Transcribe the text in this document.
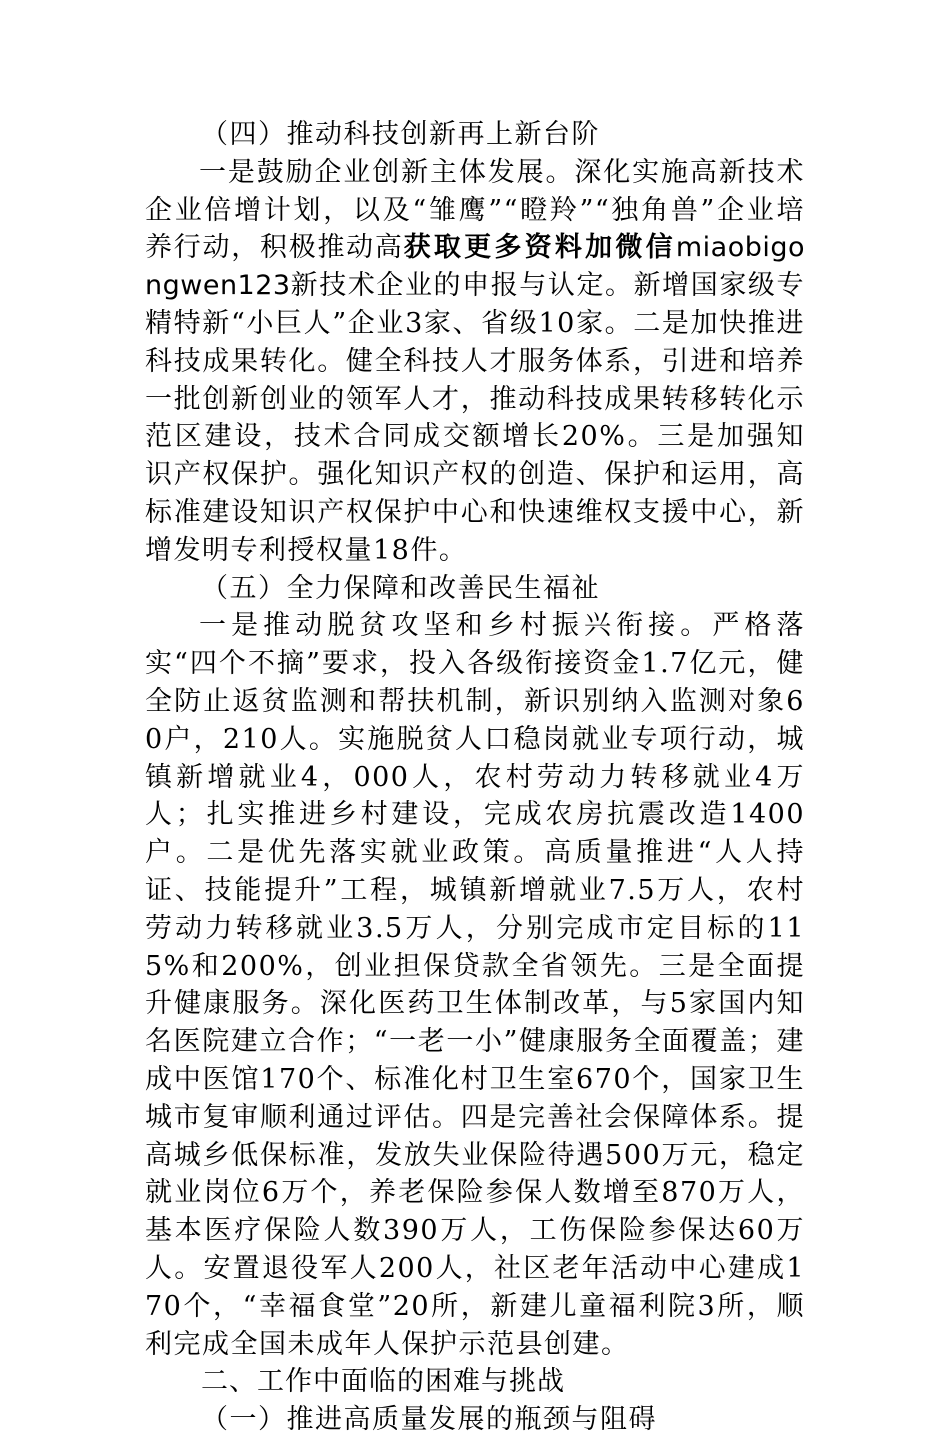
（四）推动科技创新再上新台阶

一是鼓励企业创新主体发展。深化实施高新技术企业倍增计划，以及“雏鹰”“瞪羚”“独角兽”企业培养行动，积极推动高获取更多资料加微信miaobigongwen123新技术企业的申报与认定。新增国家级专精特新“小巨人”企业3家、省级10家。二是加快推进科技成果转化。健全科技人才服务体系，引进和培养一批创新创业的领军人才，推动科技成果转移转化示范区建设，技术合同成交额增长20%。三是加强知识产权保护。强化知识产权的创造、保护和运用，高标准建设知识产权保护中心和快速维权支援中心，新增发明专利授权量18件。

（五）全力保障和改善民生福祉

一是推动脱贫攻坚和乡村振兴衔接。严格落实“四个不摘”要求，投入各级衔接资金1.7亿元，健全防止返贫监测和帮扶机制，新识别纳入监测对象60户，210人。实施脱贫人口稳岗就业专项行动，城镇新增就业4，000人，农村劳动力转移就业4万人；扎实推进乡村建设，完成农房抗震改造1400户。二是优先落实就业政策。高质量推进“人人持证、技能提升”工程，城镇新增就业7.5万人，农村劳动力转移就业3.5万人，分别完成市定目标的115%和200%，创业担保贷款全省领先。三是全面提升健康服务。深化医药卫生体制改革，与5家国内知名医院建立合作；“一老一小”健康服务全面覆盖；建成中医馆170个、标准化村卫生室670个，国家卫生城市复审顺利通过评估。四是完善社会保障体系。提高城乡低保标准，发放失业保险待遇500万元，稳定就业岗位6万个，养老保险参保人数增至870万人，基本医疗保险人数390万人，工伤保险参保达60万人。安置退役军人200人，社区老年活动中心建成170个，“幸福食堂”20所，新建儿童福利院3所，顺利完成全国未成年人保护示范县创建。

二、工作中面临的困难与挑战

（一）推进高质量发展的瓶颈与阻碍
